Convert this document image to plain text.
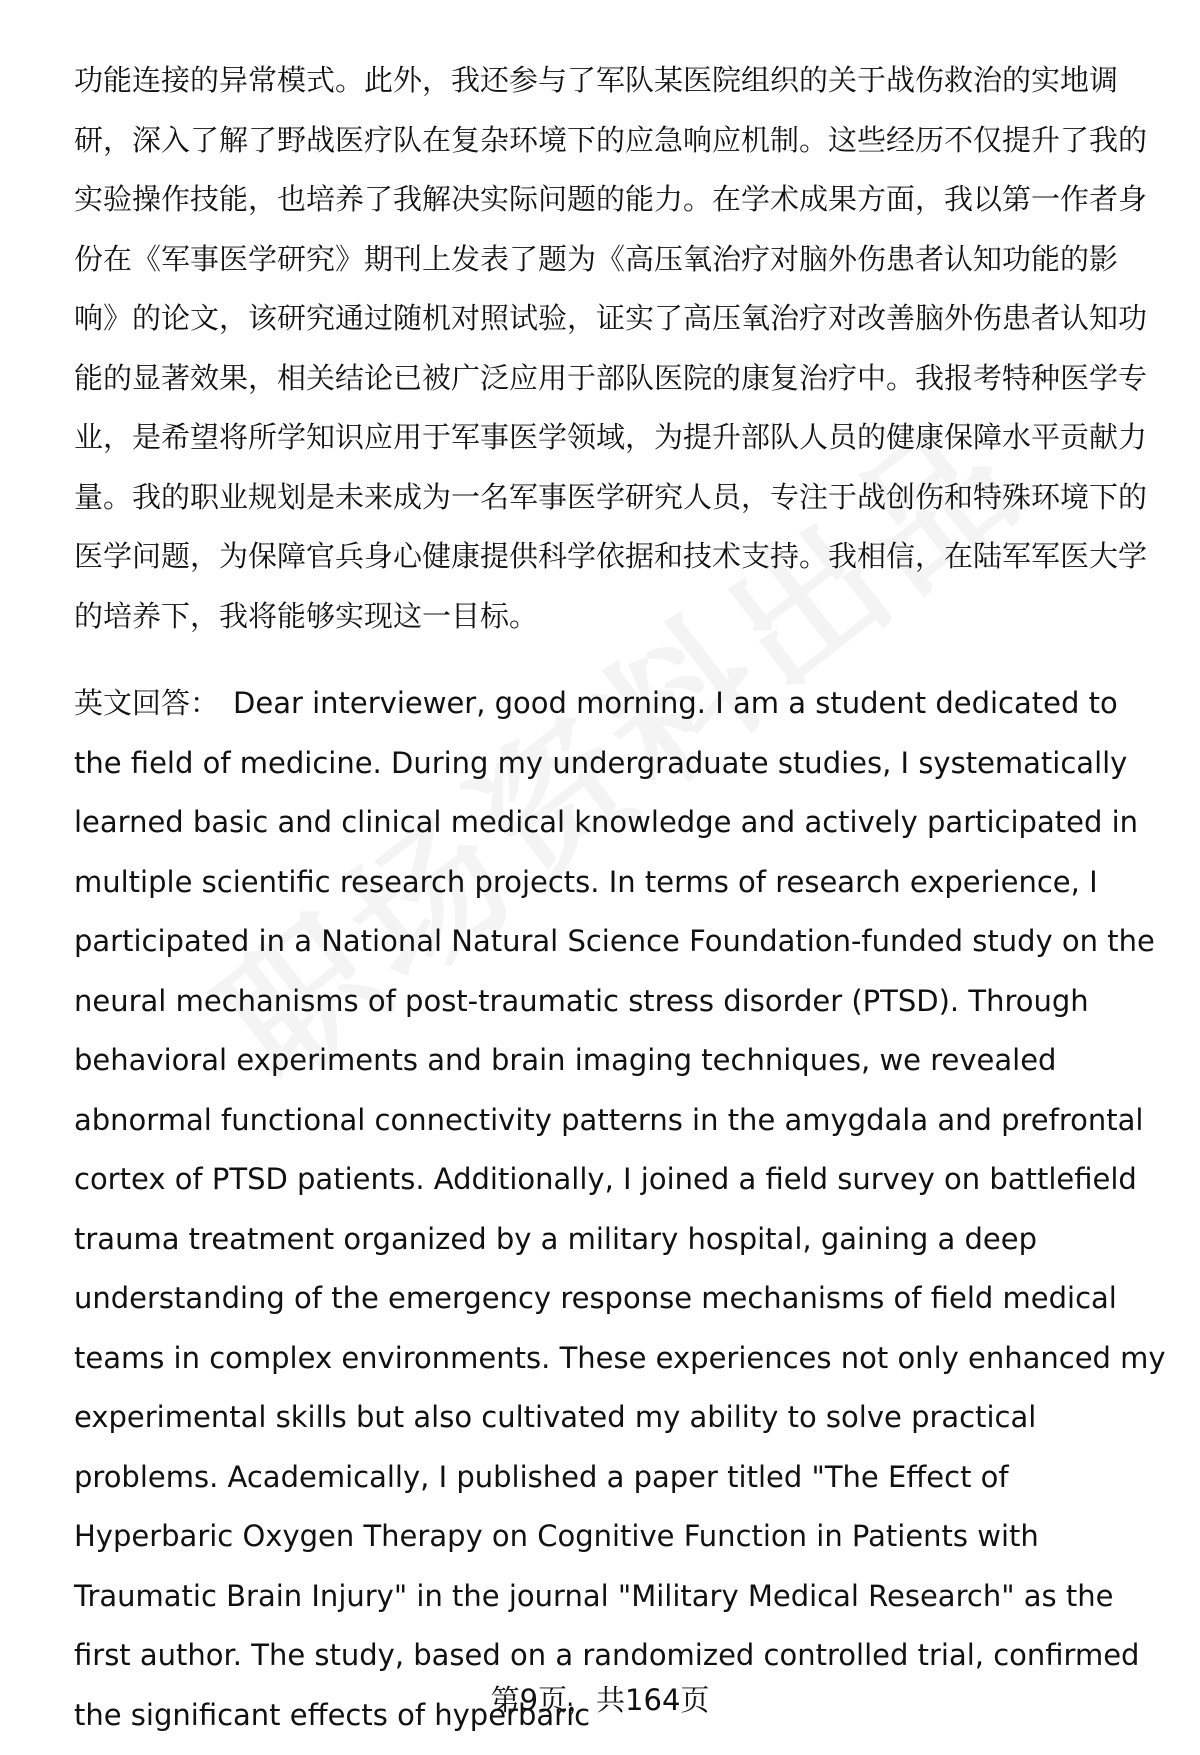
功能连接的异常模式。此外，我还参与了军队某医院组织的关于战伤救治的实地调研，深入了解了野战医疗队在复杂环境下的应急响应机制。这些经历不仅提升了我的实验操作技能，也培养了我解决实际问题的能力。在学术成果方面，我以第一作者身份在《军事医学研究》期刊上发表了题为《高压氧治疗对脑外伤患者认知功能的影响》的论文，该研究通过随机对照试验，证实了高压氧治疗对改善脑外伤患者认知功能的显著效果，相关结论已被广泛应用于部队医院的康复治疗中。我报考特种医学专业，是希望将所学知识应用于军事医学领域，为提升部队人员的健康保障水平贡献力量。我的职业规划是未来成为一名军事医学研究人员，专注于战创伤和特殊环境下的医学问题，为保障官兵身心健康提供科学依据和技术支持。我相信，在陆军军医大学的培养下，我将能够实现这一目标。

英文回答： Dear interviewer, good morning. I am a student dedicated to the field of medicine. During my undergraduate studies, I systematically learned basic and clinical medical knowledge and actively participated in multiple scientific research projects. In terms of research experience, I participated in a National Natural Science Foundation-funded study on the neural mechanisms of post-traumatic stress disorder (PTSD). Through behavioral experiments and brain imaging techniques, we revealed abnormal functional connectivity patterns in the amygdala and prefrontal cortex of PTSD patients. Additionally, I joined a field survey on battlefield trauma treatment organized by a military hospital, gaining a deep understanding of the emergency response mechanisms of field medical teams in complex environments. These experiences not only enhanced my experimental skills but also cultivated my ability to solve practical problems. Academically, I published a paper titled "The Effect of Hyperbaric Oxygen Therapy on Cognitive Function in Patients with Traumatic Brain Injury" in the journal "Military Medical Research" as the first author. The study, based on a randomized controlled trial, confirmed the significant effects of hyperbaric

第9页，共164页
